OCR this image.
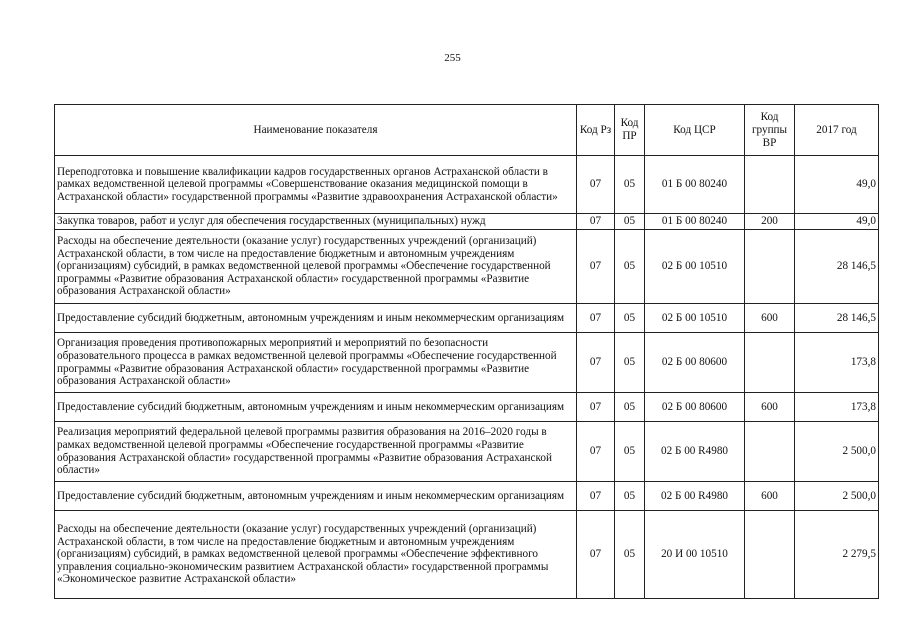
255
Наименование показателя	Код Рз	Код ПР	Код ЦСР	Код группы ВР	2017 год
Переподготовка и повышение квалификации кадров государственных органов Астраханской области в рамках ведомственной целевой программы «Совершенствование оказания медицинской помощи в Астраханской области» государственной программы «Развитие здравоохранения Астраханской области»	07	05	01 Б 00 80240		49,0
Закупка товаров, работ и услуг для обеспечения государственных (муниципальных) нужд	07	05	01 Б 00 80240	200	49,0
Расходы на обеспечение деятельности (оказание услуг) государственных учреждений (организаций) Астраханской области, в том числе на предоставление бюджетным и автономным учреждениям (организациям) субсидий, в рамках ведомственной целевой программы «Обеспечение государственной программы «Развитие образования Астраханской области» государственной программы «Развитие образования Астраханской области»	07	05	02 Б 00 10510		28 146,5
Предоставление субсидий бюджетным, автономным учреждениям и иным некоммерческим организациям	07	05	02 Б 00 10510	600	28 146,5
Организация проведения противопожарных мероприятий и мероприятий по безопасности образовательного процесса в рамках ведомственной целевой программы «Обеспечение государственной программы «Развитие образования Астраханской области» государственной программы «Развитие образования Астраханской области»	07	05	02 Б 00 80600		173,8
Предоставление субсидий бюджетным, автономным учреждениям и иным некоммерческим организациям	07	05	02 Б 00 80600	600	173,8
Реализация мероприятий федеральной целевой программы развития образования на 2016–2020 годы в рамках ведомственной целевой программы «Обеспечение государственной программы «Развитие образования Астраханской области» государственной программы «Развитие образования Астраханской области»	07	05	02 Б 00 R4980		2 500,0
Предоставление субсидий бюджетным, автономным учреждениям и иным некоммерческим организациям	07	05	02 Б 00 R4980	600	2 500,0
Расходы на обеспечение деятельности (оказание услуг) государственных учреждений (организаций) Астраханской области, в том числе на предоставление бюджетным и автономным учреждениям (организациям) субсидий, в рамках ведомственной целевой программы «Обеспечение эффективного управления социально-экономическим развитием Астраханской области» государственной программы «Экономическое развитие Астраханской области»	07	05	20 И 00 10510		2 279,5
